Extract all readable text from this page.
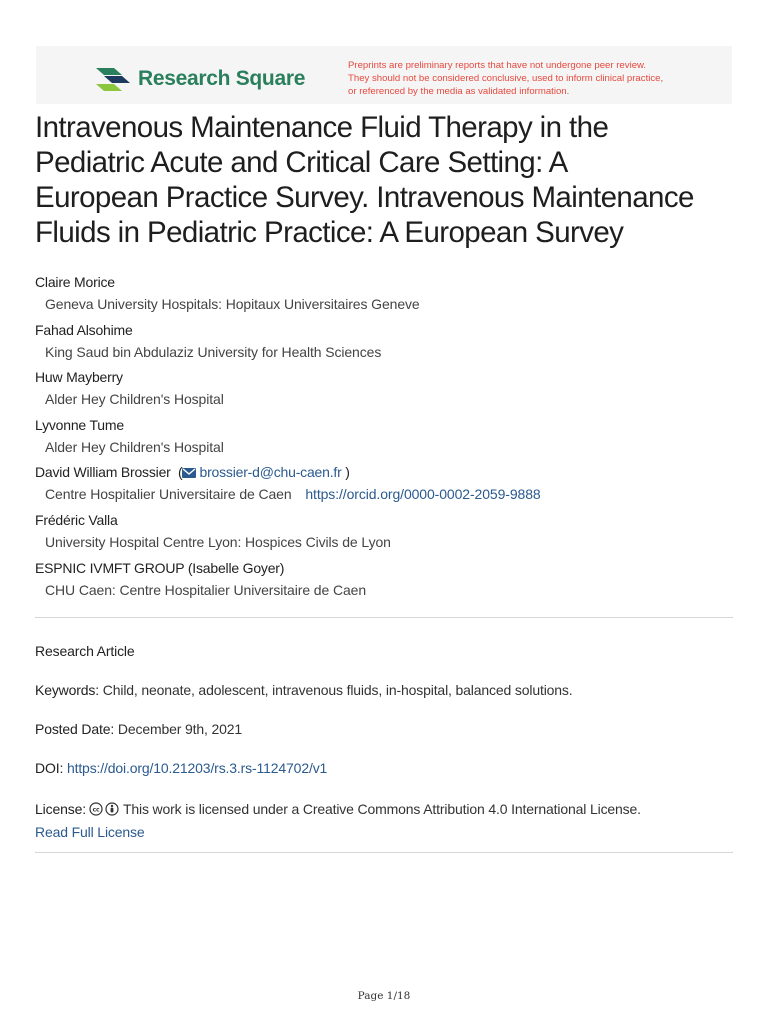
Research Square
Preprints are preliminary reports that have not undergone peer review.
They should not be considered conclusive, used to inform clinical practice,
or referenced by the media as validated information.
Intravenous Maintenance Fluid Therapy in the
Pediatric Acute and Critical Care Setting: A
European Practice Survey. Intravenous Maintenance
Fluids in Pediatric Practice: A European Survey
Claire Morice
Geneva University Hospitals: Hopitaux Universitaires Geneve
Fahad Alsohime
King Saud bin Abdulaziz University for Health Sciences
Huw Mayberry
Alder Hey Children's Hospital
Lyvonne Tume
Alder Hey Children's Hospital
David William Brossier  ( brossier-d@chu-caen.fr )
Centre Hospitalier Universitaire de Caen https://orcid.org/0000-0002-2059-9888
Frédéric Valla
University Hospital Centre Lyon: Hospices Civils de Lyon
ESPNIC IVMFT GROUP (Isabelle Goyer)
CHU Caen: Centre Hospitalier Universitaire de Caen
Research Article
Keywords: Child, neonate, adolescent, intravenous fluids, in-hospital, balanced solutions.
Posted Date: December 9th, 2021
DOI: https://doi.org/10.21203/rs.3.rs-1124702/v1
License: cc This work is licensed under a Creative Commons Attribution 4.0 International License.
Read Full License
Page 1/18
